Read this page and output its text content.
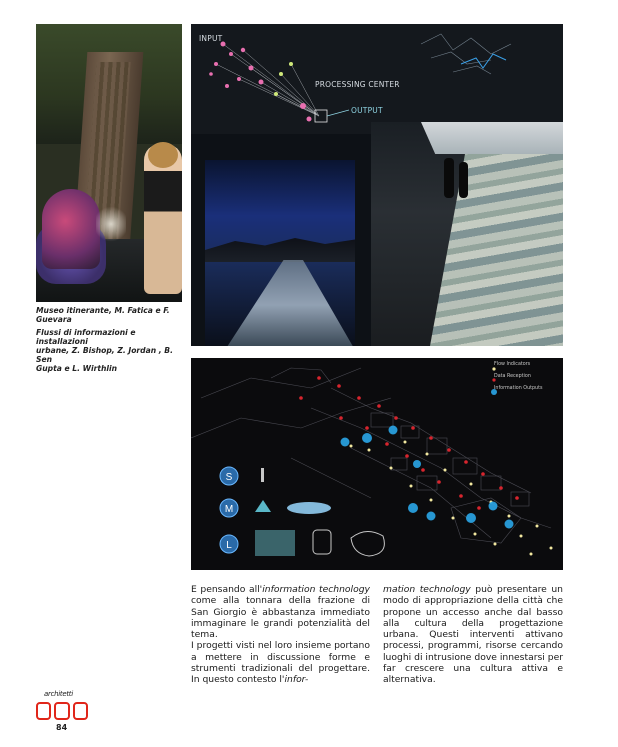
Museo itinerante, M. Fatica e F. Guevara
Flussi di informazioni e installazioni
urbane, Z. Bishop, Z. Jordan , B. Sen
Gupta e L. Wirthlin
INPUT
PROCESSING CENTER
OUTPUT
S
M
L
Flow Indicators
Data Reception
Information Outputs

E pensando all'information technology come alla tonnara della frazione di San Giorgio è abbastanza immediato immaginare le grandi potenzialità del tema.

I progetti visti nel loro insieme portano a mettere in discussione forme e strumenti tradizionali del progettare. In questo contesto l'infor-

mation technology può presentare un modo di appropriazione della città che propone un accesso anche dal basso alla cultura della progettazione urbana. Questi interventi attivano processi, programmi, risorse cercando luoghi di intrusione dove innestarsi per far crescere una cultura attiva e alternativa.

architetti
84
